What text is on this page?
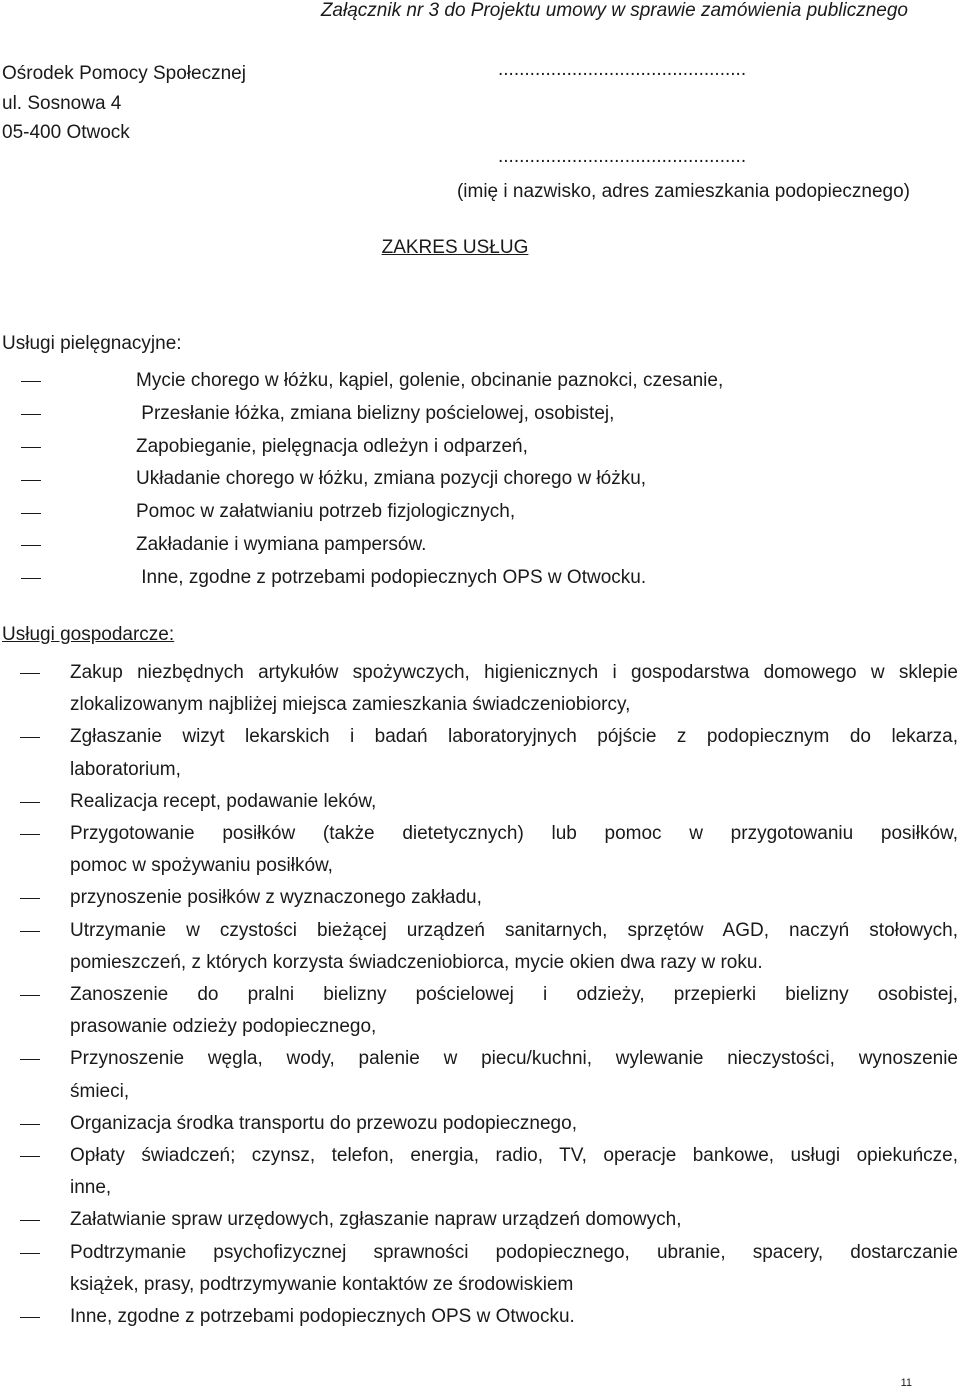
Załącznik nr 3 do Projektu umowy w sprawie zamówienia publicznego
Ośrodek Pomocy Społecznej
ul. Sosnowa 4
05-400 Otwock
...............................................
...............................................
(imię i nazwisko, adres zamieszkania podopiecznego)
ZAKRES USŁUG
Usługi pielęgnacyjne:
Mycie chorego w łóżku, kąpiel, golenie, obcinanie paznokci, czesanie,
Przesłanie łóżka, zmiana bielizny pościelowej, osobistej,
Zapobieganie, pielęgnacja odleżyn i odparzeń,
Układanie chorego w łóżku, zmiana pozycji chorego w łóżku,
Pomoc w załatwianiu potrzeb fizjologicznych,
Zakładanie i wymiana pampersów.
Inne, zgodne z potrzebami podopiecznych OPS w Otwocku.
Usługi gospodarcze:
Zakup niezbędnych artykułów spożywczych, higienicznych i gospodarstwa domowego w sklepie
zlokalizowanym najbliżej miejsca zamieszkania świadczeniobiorcy,
Zgłaszanie wizyt lekarskich i badań laboratoryjnych pójście z podopiecznym do lekarza,
laboratorium,
Realizacja recept, podawanie leków,
Przygotowanie posiłków (także dietetycznych) lub pomoc w przygotowaniu posiłków,
pomoc w spożywaniu posiłków,
przynoszenie posiłków z wyznaczonego zakładu,
Utrzymanie w czystości bieżącej urządzeń sanitarnych, sprzętów AGD, naczyń stołowych,
pomieszczeń, z których korzysta świadczeniobiorca, mycie okien dwa razy w roku.
Zanoszenie do pralni bielizny pościelowej i odzieży, przepierki bielizny osobistej,
prasowanie odzieży podopiecznego,
Przynoszenie węgla, wody, palenie w piecu/kuchni, wylewanie nieczystości, wynoszenie
śmieci,
Organizacja środka transportu do przewozu podopiecznego,
Opłaty świadczeń; czynsz, telefon, energia, radio, TV, operacje bankowe, usługi opiekuńcze,
inne,
Załatwianie spraw urzędowych, zgłaszanie napraw urządzeń domowych,
Podtrzymanie psychofizycznej sprawności podopiecznego, ubranie, spacery, dostarczanie
książek, prasy, podtrzymywanie kontaktów ze środowiskiem
Inne, zgodne z potrzebami podopiecznych OPS w Otwocku.
11
